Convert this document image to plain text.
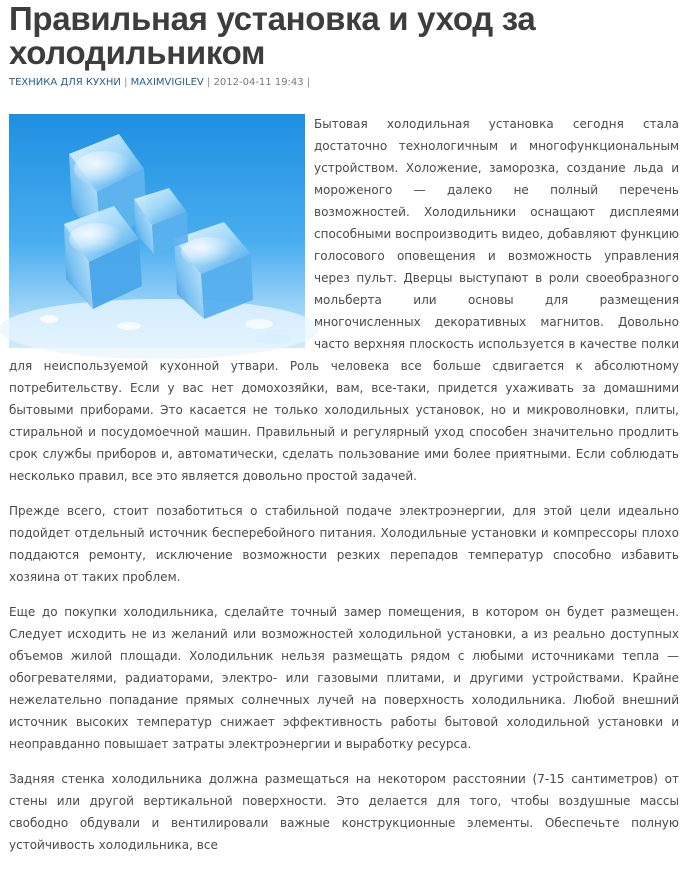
Правильная установка и уход за холодильником
ТЕХНИКА ДЛЯ КУХНИ | MAXIMVIGILEV | 2012-04-11 19:43 |

Бытовая холодильная установка сегодня стала достаточно технологичным и многофункциональным устройством. Холожение, заморозка, создание льда и мороженого — далеко не полный перечень возможностей. Холодильники оснащают дисплеями способными воспроизводить видео, добавляют функцию голосового оповещения и возможность управления через пульт. Дверцы выступают в роли своеобразного мольберта или основы для размещения многочисленных декоративных магнитов. Довольно часто верхняя плоскость используется в качестве полки для неиспользуемой кухонной утвари. Роль человека все больше сдвигается к абсолютному потребительству. Если у вас нет домохозяйки, вам, все-таки, придется ухаживать за домашними бытовыми приборами. Это касается не только холодильных установок, но и микроволновки, плиты, стиральной и посудомоечной машин. Правильный и регулярный уход способен значительно продлить срок службы приборов и, автоматически, сделать пользование ими более приятными. Если соблюдать несколько правил, все это является довольно простой задачей.

Прежде всего, стоит позаботиться о стабильной подаче электроэнергии, для этой цели идеально подойдет отдельный источник бесперебойного питания. Холодильные установки и компрессоры плохо поддаются ремонту, исключение возможности резких перепадов температур способно избавить хозяина от таких проблем.

Еще до покупки холодильника, сделайте точный замер помещения, в котором он будет размещен. Следует исходить не из желаний или возможностей холодильной установки, а из реально доступных объемов жилой площади. Холодильник нельзя размещать рядом с любыми источниками тепла — обогревателями, радиаторами, электро- или газовыми плитами, и другими устройствами. Крайне нежелательно попадание прямых солнечных лучей на поверхность холодильника. Любой внешний источник высоких температур снижает эффективность работы бытовой холодильной установки и неоправданно повышает затраты электроэнергии и выработку ресурса.

Задняя стенка холодильника должна размещаться на некотором расстоянии (7-15 сантиметров) от стены или другой вертикальной поверхности. Это делается для того, чтобы воздушные массы свободно обдували и вентилировали важные конструкционные элементы. Обеспечьте полную устойчивость холодильника, все
